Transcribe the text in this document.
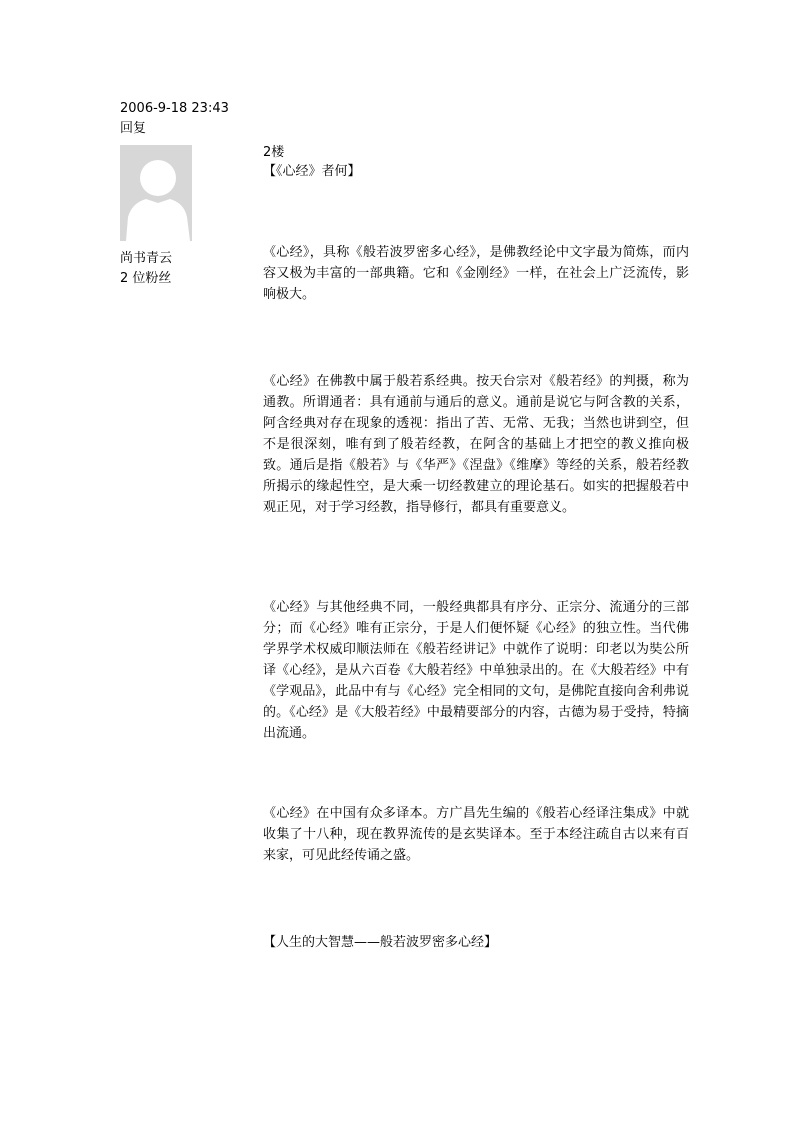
2006-9-18 23:43
回复
尚书青云
2 位粉丝
2楼
【《心经》者何】
《心经》，具称《般若波罗密多心经》，是佛教经论中文字最为简炼，而内容又极为丰富的一部典籍。它和《金刚经》一样，在社会上广泛流传，影响极大。
《心经》在佛教中属于般若系经典。按天台宗对《般若经》的判摄，称为通教。所谓通者：具有通前与通后的意义。通前是说它与阿含教的关系，阿含经典对存在现象的透视：指出了苦、无常、无我；当然也讲到空，但不是很深刻，唯有到了般若经教，在阿含的基础上才把空的教义推向极致。通后是指《般若》与《华严》《涅盘》《维摩》等经的关系，般若经教所揭示的缘起性空，是大乘一切经教建立的理论基石。如实的把握般若中观正见，对于学习经教，指导修行，都具有重要意义。
《心经》与其他经典不同，一般经典都具有序分、正宗分、流通分的三部分；而《心经》唯有正宗分，于是人们便怀疑《心经》的独立性。当代佛学界学术权威印顺法师在《般若经讲记》中就作了说明：印老以为奘公所译《心经》，是从六百卷《大般若经》中单独录出的。在《大般若经》中有《学观品》，此品中有与《心经》完全相同的文句，是佛陀直接向舍利弗说的。《心经》是《大般若经》中最精要部分的内容，古德为易于受持，特摘出流通。
《心经》在中国有众多译本。方广昌先生编的《般若心经译注集成》中就收集了十八种，现在教界流传的是玄奘译本。至于本经注疏自古以来有百来家，可见此经传诵之盛。
【人生的大智慧——般若波罗密多心经】
